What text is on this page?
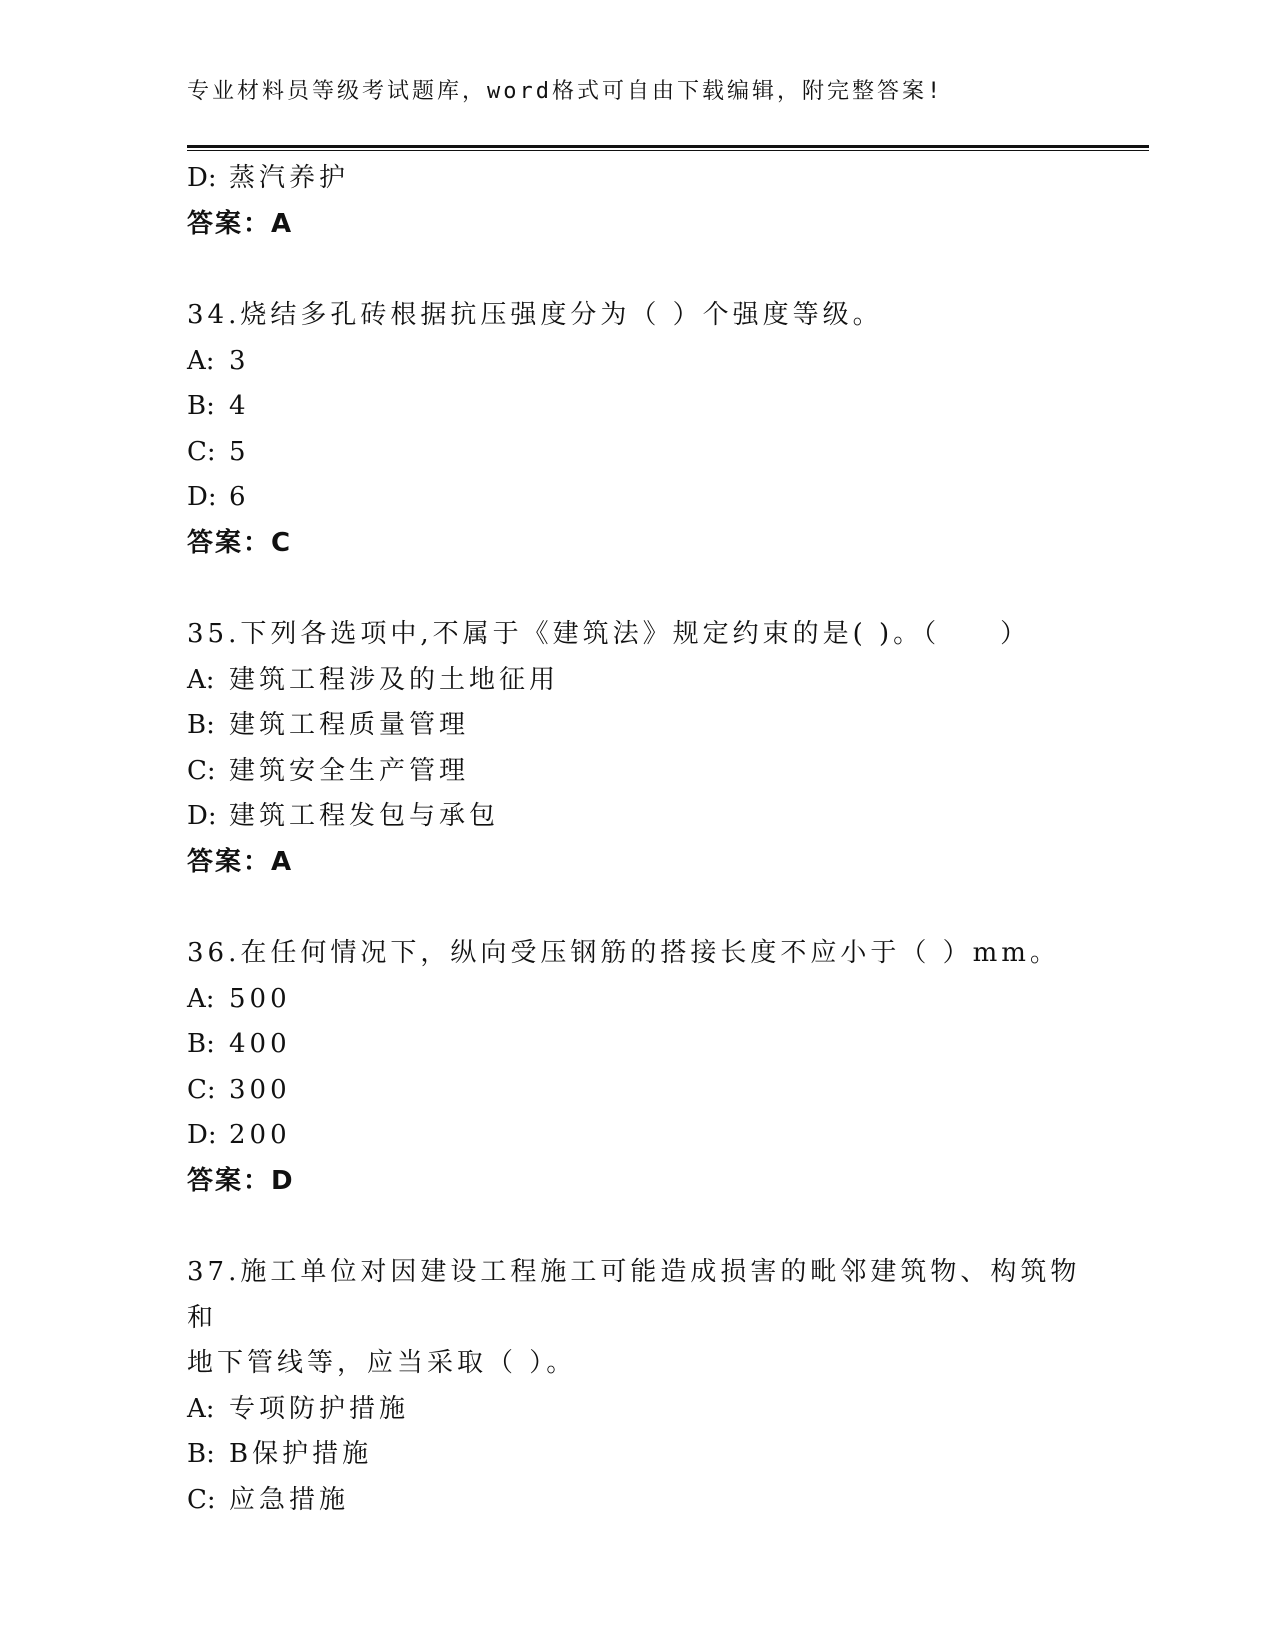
专业材料员等级考试题库，word格式可自由下载编辑，附完整答案!
D: 蒸汽养护
答案：A
34.烧结多孔砖根据抗压强度分为（ ）个强度等级。
A: 3
B: 4
C: 5
D: 6
答案：C
35.下列各选项中,不属于《建筑法》规定约束的是( )。（　　）
A: 建筑工程涉及的土地征用
B: 建筑工程质量管理
C: 建筑安全生产管理
D: 建筑工程发包与承包
答案：A
36.在任何情况下，纵向受压钢筋的搭接长度不应小于（ ）mm。
A: 500
B: 400
C: 300
D: 200
答案：D
37.施工单位对因建设工程施工可能造成损害的毗邻建筑物、构筑物和
地下管线等，应当采取（ ）。
A: 专项防护措施
B: B保护措施
C: 应急措施
